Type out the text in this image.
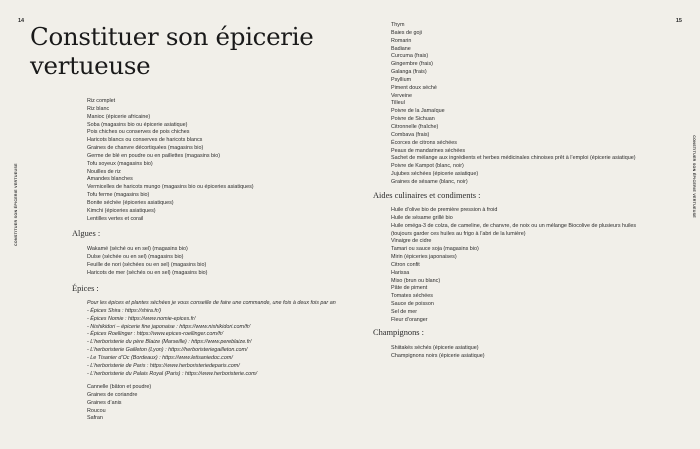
14
CONSTITUER SON ÉPICERIE VERTUEUSE
Constituer son épicerie
vertueuse
Riz complet
Riz blanc
Manioc (épicerie africaine)
Soba (magasins bio ou épicerie asiatique)
Pois chiches ou conserves de pois chiches
Haricots blancs ou conserves de haricots blancs
Graines de chanvre décortiquées (magasins bio)
Germe de blé en poudre ou en paillettes (magasins bio)
Tofu soyeux (magasins bio)
Nouilles de riz
Amandes blanches
Vermicelles de haricots mungo (magasins bio ou épiceries asiatiques)
Tofu ferme (magasins bio)
Bonite séchée (épiceries asiatiques)
Kimchi (épiceries asiatiques)
Lentilles vertes et corail
Algues :
Wakamé (séché ou en sel) (magasins bio)
Dulse (séchée ou en sel) (magasins bio)
Feuille de nori (séchées ou en sel) (magasins bio)
Haricots de mer (séchés ou en sel) (magasins bio)
Épices :
Pour les épices et plantes séchées je vous conseille de faire une commande, une fois à deux fois par an
- Épices Shira : https://shira.fr/)
- Épices Nomie : https://www.nomie-epices.fr/
- Nishikidori – épicerie fine japonaise : https://www.nishikidori.com/fr/
- Épices Roellinger : https://www.epices-roellinger.com/fr/
- L’herboristerie du père Blaize (Marseille) : https://www.pereblaize.fr/
- L’herboristerie Gailleton (Lyon) : https://herboristeriegailleton.com/
- Le Tisanier d’Oc (Bordeaux) : https://www.letisaniedoc.com/
- L’herboristerie de Paris : https://www.herboristeriedeparis.com/
- L’herboristerie du Palais Royal (Paris) : https://www.herboristerie.com/
Cannelle (bâton et poudre)
Graines de coriandre
Graines d’anis
Roucou
Safran
15
CONSTITUER SON ÉPICERIE VERTUEUSE
Thym
Baies de goji
Romarin
Badiane
Curcuma (frais)
Gingembre (frais)
Galanga (frais)
Psyllium
Piment doux séché
Verveine
Tilleul
Poivre de la Jamaïque
Poivre de Sichuan
Citronnelle (fraîche)
Combava (frais)
Écorces de citrons séchées
Peaux de mandarines séchées
Sachet de mélange aux ingrédients et herbes médicinales chinoises prêt à l’emploi (épicerie asiatique)
Poivre de Kampot (blanc, noir)
Jujubes séchées (épicerie asiatique)
Graines de sésame (blanc, noir)
Aides culinaires et condiments :
Huile d’olive bio de première pression à froid
Huile de sésame grillé bio
Huile oméga-3 de colza, de cameline, de chanvre, de noix ou un mélange Biocolive de plusieurs huiles
(toujours garder ces huiles au frigo à l’abri de la lumière)
Vinaigre de cidre
Tamari ou sauce soja (magasins bio)
Mirin (épiceries japonaises)
Citron confit
Harissa
Miso (brun ou blanc)
Pâte de piment
Tomates séchées
Sauce de poisson
Sel de mer
Fleur d’oranger
Champignons :
Shiitakés séchés (épicerie asiatique)
Champignons noirs (épicerie asiatique)
